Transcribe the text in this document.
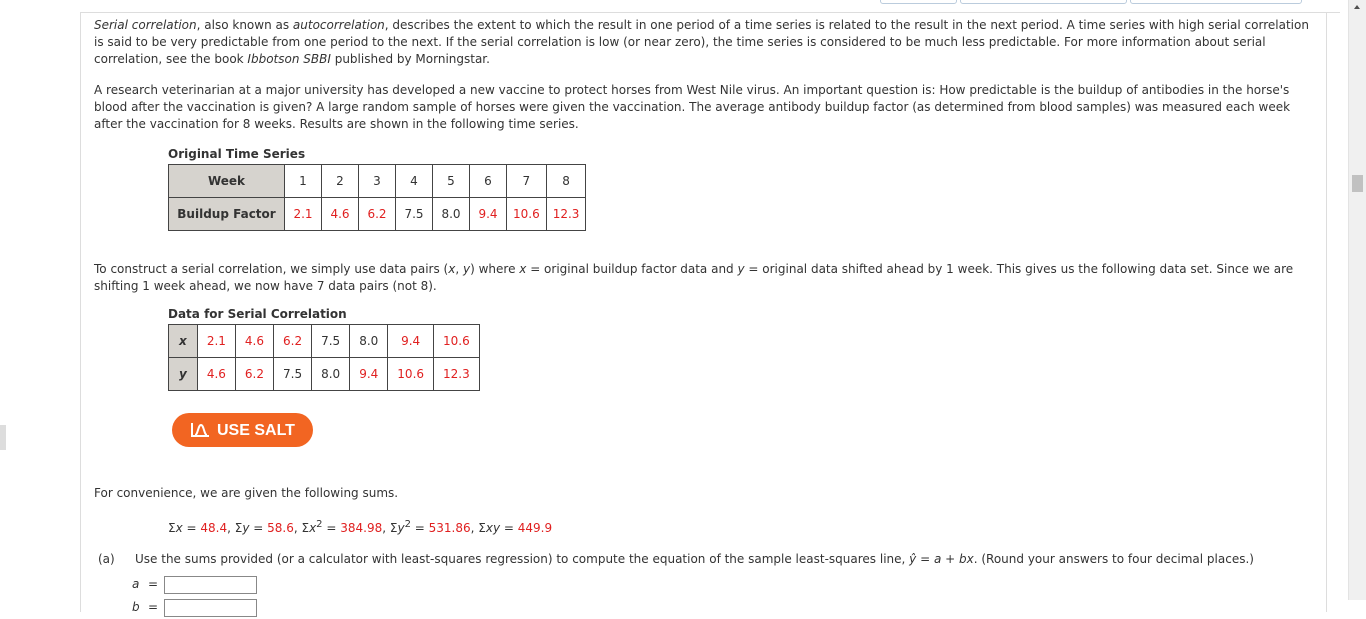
Serial correlation, also known as autocorrelation, describes the extent to which the result in one period of a time series is related to the result in the next period. A time series with high serial correlation is said to be very predictable from one period to the next. If the serial correlation is low (or near zero), the time series is considered to be much less predictable. For more information about serial correlation, see the book Ibbotson SBBI published by Morningstar.

A research veterinarian at a major university has developed a new vaccine to protect horses from West Nile virus. An important question is: How predictable is the buildup of antibodies in the horse's blood after the vaccination is given? A large random sample of horses were given the vaccination. The average antibody buildup factor (as determined from blood samples) was measured each week after the vaccination for 8 weeks. Results are shown in the following time series.

Original Time Series
Week	1	2	3	4	5	6	7	8
Buildup Factor	2.1	4.6	6.2	7.5	8.0	9.4	10.6	12.3

To construct a serial correlation, we simply use data pairs (x, y) where x = original buildup factor data and y = original data shifted ahead by 1 week. This gives us the following data set. Since we are shifting 1 week ahead, we now have 7 data pairs (not 8).

Data for Serial Correlation
x	2.1	4.6	6.2	7.5	8.0	9.4	10.6
y	4.6	6.2	7.5	8.0	9.4	10.6	12.3
USE SALT

For convenience, we are given the following sums.

Σx = 48.4, Σy = 58.6, $\Sigma x^2 = 384.98$, $\Sigma y^2 = 531.86$, Σxy = 449.9

(a)	Use the sums provided (or a calculator with least-squares regression) to compute the equation of the sample least-squares line, ŷ = a + bx. (Round your answers to four decimal places.)
a =
b =
